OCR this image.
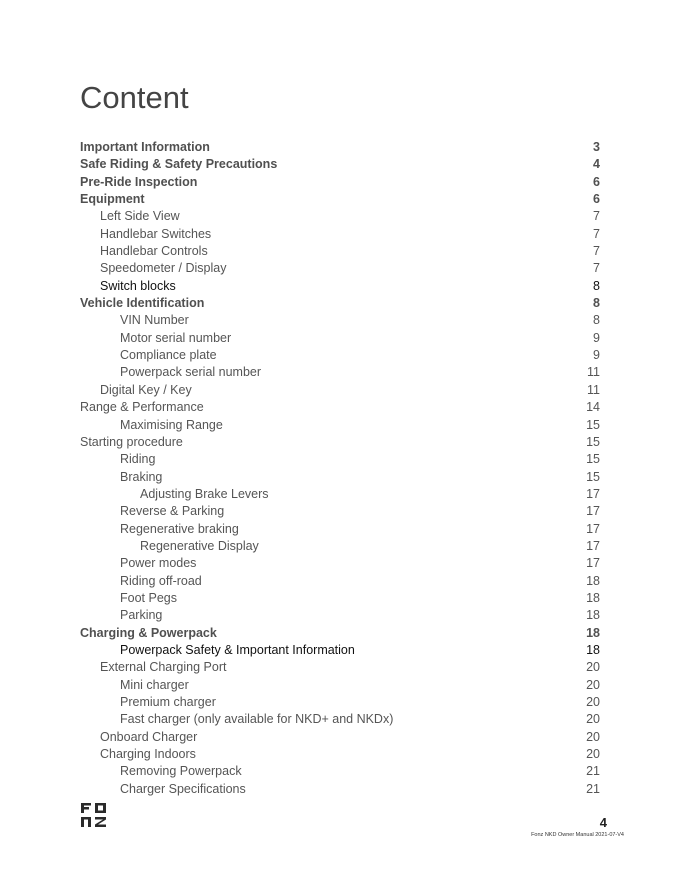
Content
Important Information	3
Safe Riding & Safety Precautions	4
Pre-Ride Inspection	6
Equipment	6
Left Side View	7
Handlebar Switches	7
Handlebar Controls	7
Speedometer / Display	7
Switch blocks	8
Vehicle Identification	8
VIN Number	8
Motor serial number	9
Compliance plate	9
Powerpack serial number	11
Digital Key / Key	11
Range & Performance	14
Maximising Range	15
Starting procedure	15
Riding	15
Braking	15
Adjusting Brake Levers	17
Reverse & Parking	17
Regenerative braking	17
Regenerative Display	17
Power modes	17
Riding off-road	18
Foot Pegs	18
Parking	18
Charging & Powerpack	18
Powerpack Safety & Important Information	18
External Charging Port	20
Mini charger	20
Premium charger	20
Fast charger (only available for NKD+ and NKDx)	20
Onboard Charger	20
Charging Indoors	20
Removing Powerpack	21
Charger Specifications	21
4
Fonz NKD Owner Manual 2021-07-V4
